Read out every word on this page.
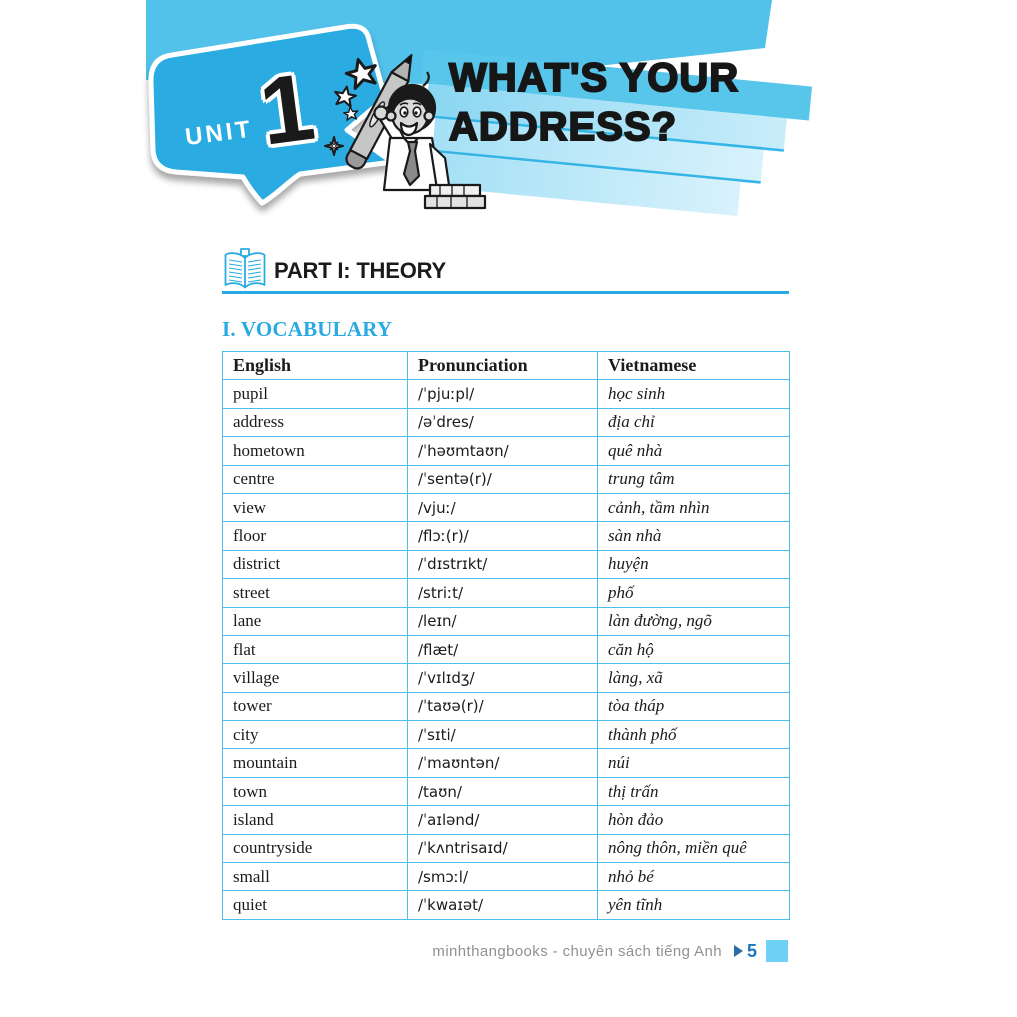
UNIT 1	WHAT'S YOUR
ADDRESS?
PART I: THEORY
I. VOCABULARY
English	Pronunciation	Vietnamese
pupil	/ˈpjuːpl/	học sinh
address	/əˈdres/	địa chỉ
hometown	/ˈhəʊmtaʊn/	quê nhà
centre	/ˈsentə(r)/	trung tâm
view	/vjuː/	cảnh, tầm nhìn
floor	/flɔː(r)/	sàn nhà
district	/ˈdɪstrɪkt/	huyện
street	/striːt/	phố
lane	/leɪn/	làn đường, ngõ
flat	/flæt/	căn hộ
village	/ˈvɪlɪdʒ/	làng, xã
tower	/ˈtaʊə(r)/	tòa tháp
city	/ˈsɪti/	thành phố
mountain	/ˈmaʊntən/	núi
town	/taʊn/	thị trấn
island	/ˈaɪlənd/	hòn đảo
countryside	/ˈkʌntrisaɪd/	nông thôn, miền quê
small	/smɔːl/	nhỏ bé
quiet	/ˈkwaɪət/	yên tĩnh
minhthangbooks - chuyên sách tiếng Anh 5
